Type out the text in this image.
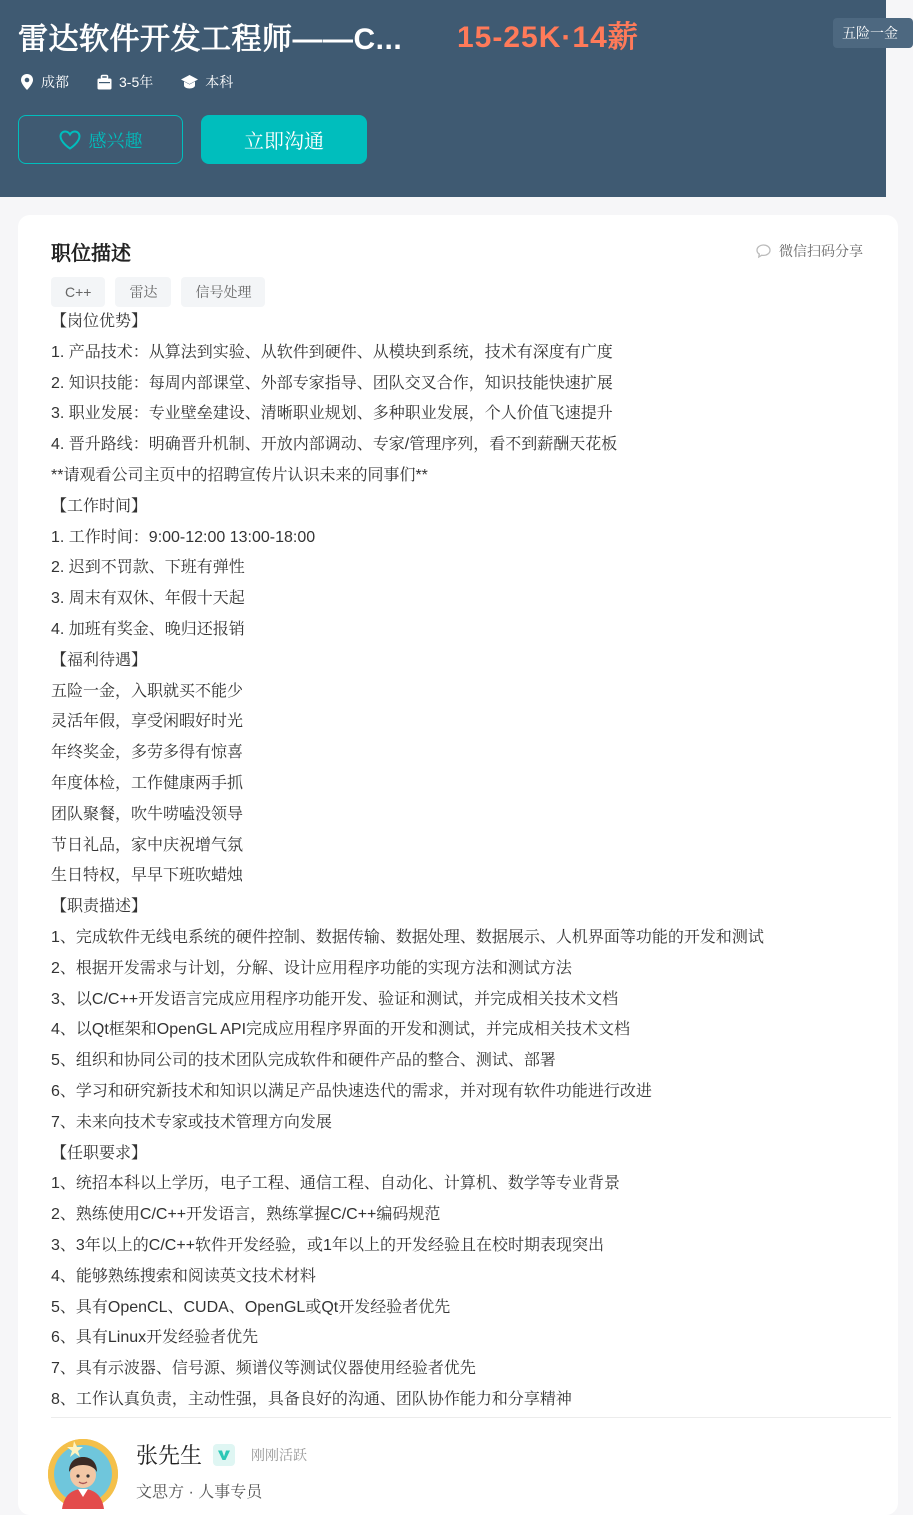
雷达软件开发工程师——C... 15-25K·14薪	五险一金
成都	3-5年	本科
感兴趣	立即沟通
职位描述	微信扫码分享
C++	雷达	信号处理
【岗位优势】
1. 产品技术：从算法到实验、从软件到硬件、从模块到系统，技术有深度有广度
2. 知识技能：每周内部课堂、外部专家指导、团队交叉合作，知识技能快速扩展
3. 职业发展：专业壁垒建设、清晰职业规划、多种职业发展，个人价值飞速提升
4. 晋升路线：明确晋升机制、开放内部调动、专家/管理序列，看不到薪酬天花板
**请观看公司主页中的招聘宣传片认识未来的同事们**
【工作时间】
1. 工作时间：9:00-12:00 13:00-18:00
2. 迟到不罚款、下班有弹性
3. 周末有双休、年假十天起
4. 加班有奖金、晚归还报销
【福利待遇】
五险一金，入职就买不能少
灵活年假，享受闲暇好时光
年终奖金，多劳多得有惊喜
年度体检，工作健康两手抓
团队聚餐，吹牛唠嗑没领导
节日礼品，家中庆祝增气氛
生日特权，早早下班吹蜡烛
【职责描述】
1、完成软件无线电系统的硬件控制、数据传输、数据处理、数据展示、人机界面等功能的开发和测试
2、根据开发需求与计划，分解、设计应用程序功能的实现方法和测试方法
3、以C/C++开发语言完成应用程序功能开发、验证和测试，并完成相关技术文档
4、以Qt框架和OpenGL API完成应用程序界面的开发和测试，并完成相关技术文档
5、组织和协同公司的技术团队完成软件和硬件产品的整合、测试、部署
6、学习和研究新技术和知识以满足产品快速迭代的需求，并对现有软件功能进行改进
7、未来向技术专家或技术管理方向发展
【任职要求】
1、统招本科以上学历，电子工程、通信工程、自动化、计算机、数学等专业背景
2、熟练使用C/C++开发语言，熟练掌握C/C++编码规范
3、3年以上的C/C++软件开发经验，或1年以上的开发经验且在校时期表现突出
4、能够熟练搜索和阅读英文技术材料
5、具有OpenCL、CUDA、OpenGL或Qt开发经验者优先
6、具有Linux开发经验者优先
7、具有示波器、信号源、频谱仪等测试仪器使用经验者优先
8、工作认真负责，主动性强，具备良好的沟通、团队协作能力和分享精神
张先生	刚刚活跃
文思方 · 人事专员
